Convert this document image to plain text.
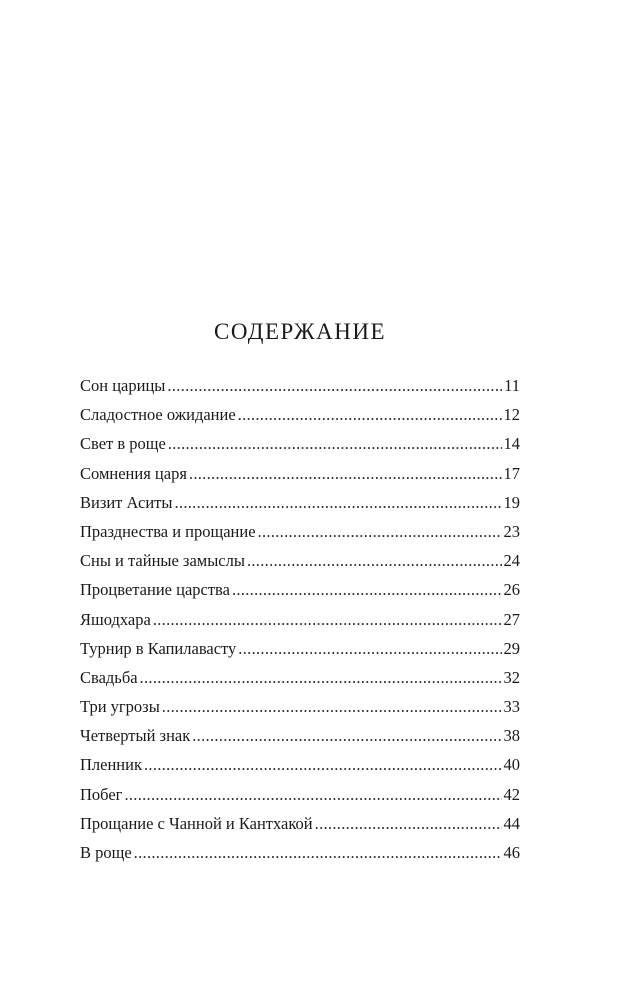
СОДЕРЖАНИЕ
Сон царицы .....	11
Сладостное ожидание .....	12
Свет в роще .....	14
Сомнения царя .....	17
Визит Аситы .....	19
Празднества и прощание .....	23
Сны и тайные замыслы .....	24
Процветание царства .....	26
Яшодхара .....	27
Турнир в Капилавасту .....	29
Свадьба .....	32
Три угрозы .....	33
Четвертый знак .....	38
Пленник .....	40
Побег .....	42
Прощание с Чанной и Кантхакой .....	44
В роще .....	46
